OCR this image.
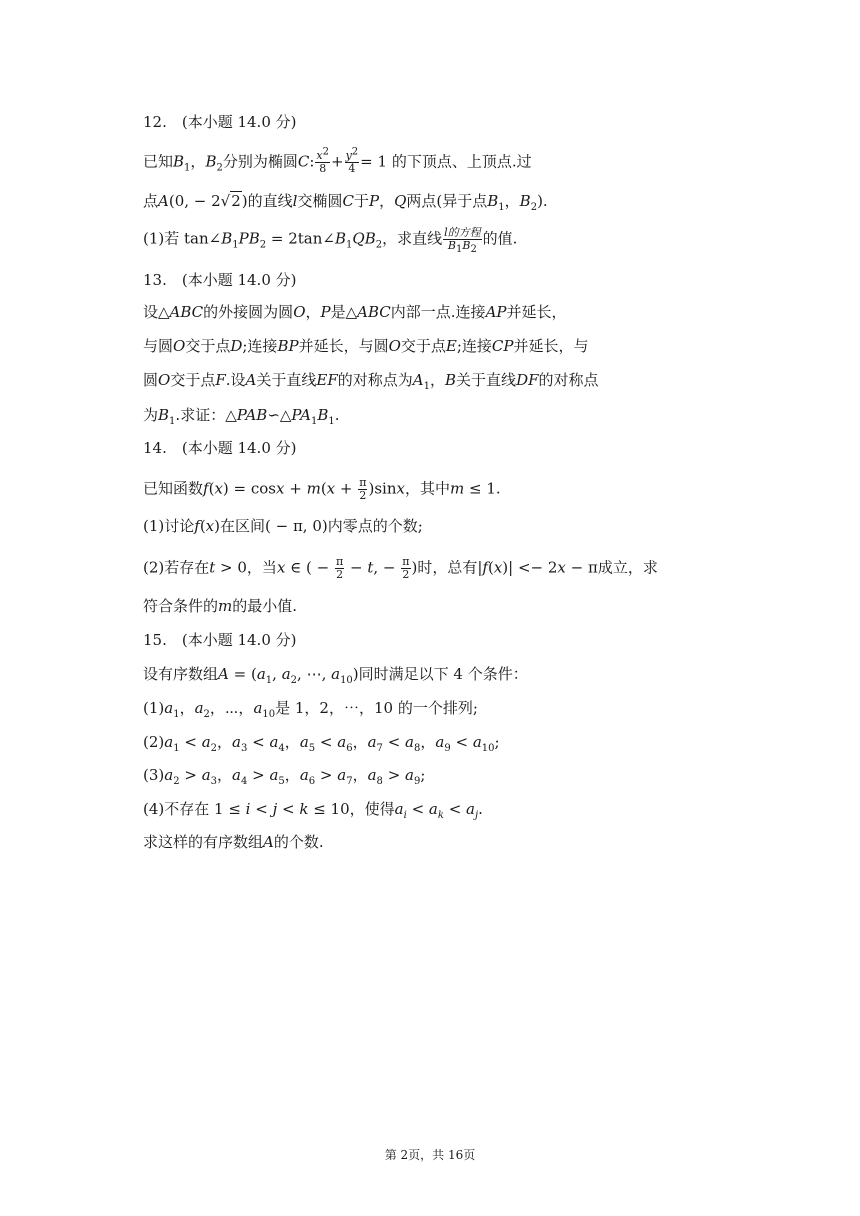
12.　(本小题 14.0 分)
已知$B_1$，$B_2$分别为椭圆C: $\frac{x^2}{8} + \frac{y^2}{4} = 1$ 的下顶点、上顶点.过
点A(0, − 2√2)的直线l交椭圆C于P，Q两点(异于点$B_1$，$B_2$).
(1)若 $\tan\angle B_1PB_2$ = $2\tan\angle B_1QB_2$，求直线 $\frac{\text{l的方程}}{B_1B_2}$ 的值.
13.　(本小题 14.0 分)
设△ABC的外接圆为圆O，P是△ABC内部一点.连接AP并延长，
与圆O交于点D;连接BP并延长，与圆O交于点E;连接CP并延长，与
圆O交于点F.设A关于直线EF的对称点为$A_1$，B关于直线DF的对称点
为$B_1$.求证：$\triangle PAB∽\triangle PA_1B_1$.
14.　(本小题 14.0 分)
已知函数$f(x) = \cos x + m(x + \frac{\pi}{2} )\sin x$，其中m ≤ 1.
(1)讨论f(x)在区间( − π, 0)内零点的个数;
(2)若存在t > 0，当x ∈ ( − $\frac{\pi}{2} - t$, − $\frac{\pi}{2}$ )时，总有|f(x)| <− 2x − π成立，求
符合条件的m的最小值.
15.　(本小题 14.0 分)
设有序数组$A = (a_1$, $a_2$, ⋯, $a_{10}$)同时满足以下 4 个条件：
$(1)a_1$，$a_2$，⋯，$a_{10}$是 1，2，⋯，10 的一个排列;
$(2)a_1 < a_2$，$a_3 < a_4$，$a_5 < a_6$，$a_7 < a_8$，$a_9 < a_{10}$;
$(3)a_2 > a_3$，$a_4 > a_5$，$a_6 > a_7$，$a_8 > a_9$;
(4)不存在 1 ≤ i < j < k ≤ 10，使得$a_i < a_k < a_j$.
求这样的有序数组A的个数.
第 2页，共 16页
